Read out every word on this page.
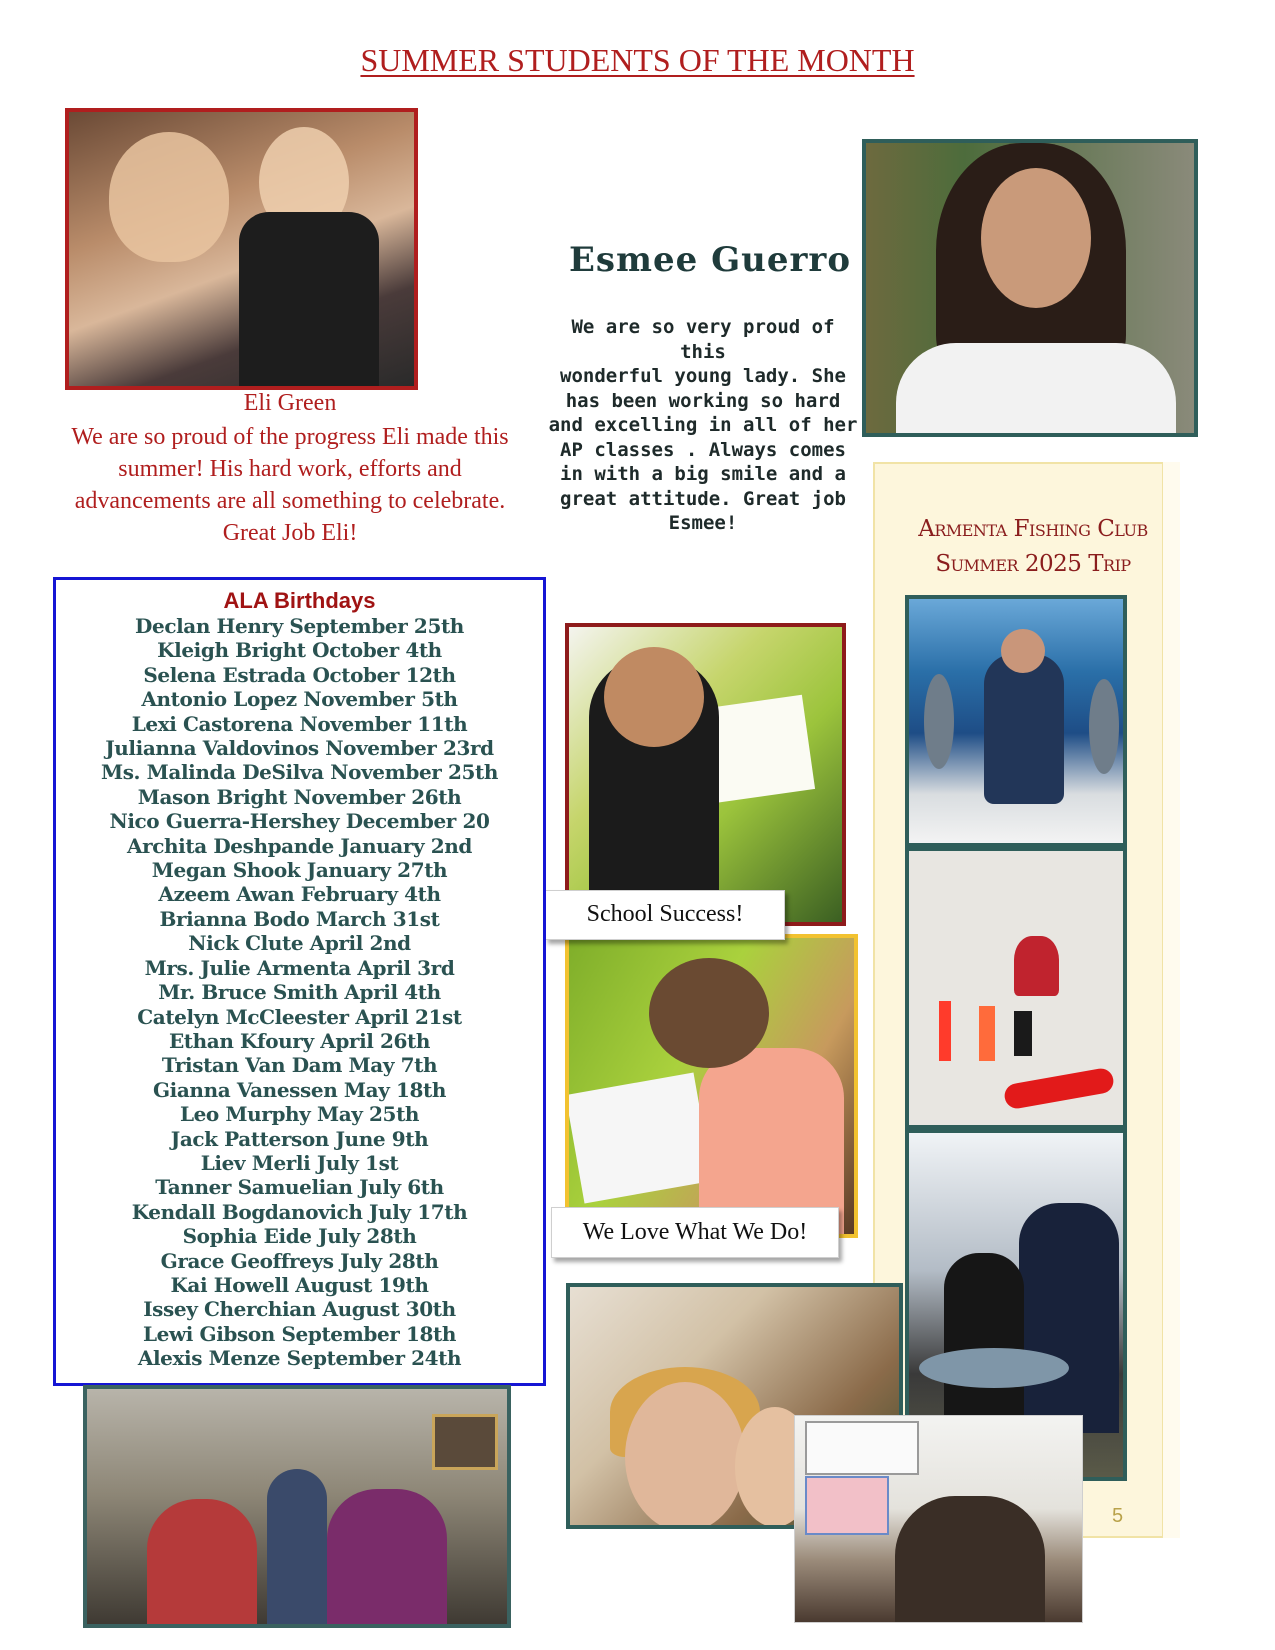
SUMMER STUDENTS OF THE MONTH
Eli Green
We are so proud of the progress Eli made this
summer! His hard work, efforts and
advancements are all something to celebrate.
Great Job Eli!
Esmee Guerro
We are so very proud of this
wonderful young lady. She
has been working so hard
and excelling in all of her
AP classes . Always comes
in with a big smile and a
great attitude. Great job
Esmee!	Armenta Fishing Club
Summer 2025 Trip
5
School Success!
We Love What We Do!
ALA Birthdays
Declan Henry September 25th
Kleigh Bright October 4th
Selena Estrada October 12th
Antonio Lopez November 5th
Lexi Castorena November 11th
Julianna Valdovinos November 23rd
Ms. Malinda DeSilva November 25th
Mason Bright November 26th
Nico Guerra-Hershey December 20
Archita Deshpande January 2nd
Megan Shook January 27th
Azeem Awan February 4th
Brianna Bodo March 31st
Nick Clute April 2nd
Mrs. Julie Armenta April 3rd
Mr. Bruce Smith April 4th
Catelyn McCleester April 21st
Ethan Kfoury April 26th
Tristan Van Dam May 7th
Gianna Vanessen May 18th
Leo Murphy May 25th
Jack Patterson June 9th
Liev Merli July 1st
Tanner Samuelian July 6th
Kendall Bogdanovich July 17th
Sophia Eide July 28th
Grace Geoffreys July 28th
Kai Howell August 19th
Issey Cherchian August 30th
Lewi Gibson September 18th
Alexis Menze September 24th
